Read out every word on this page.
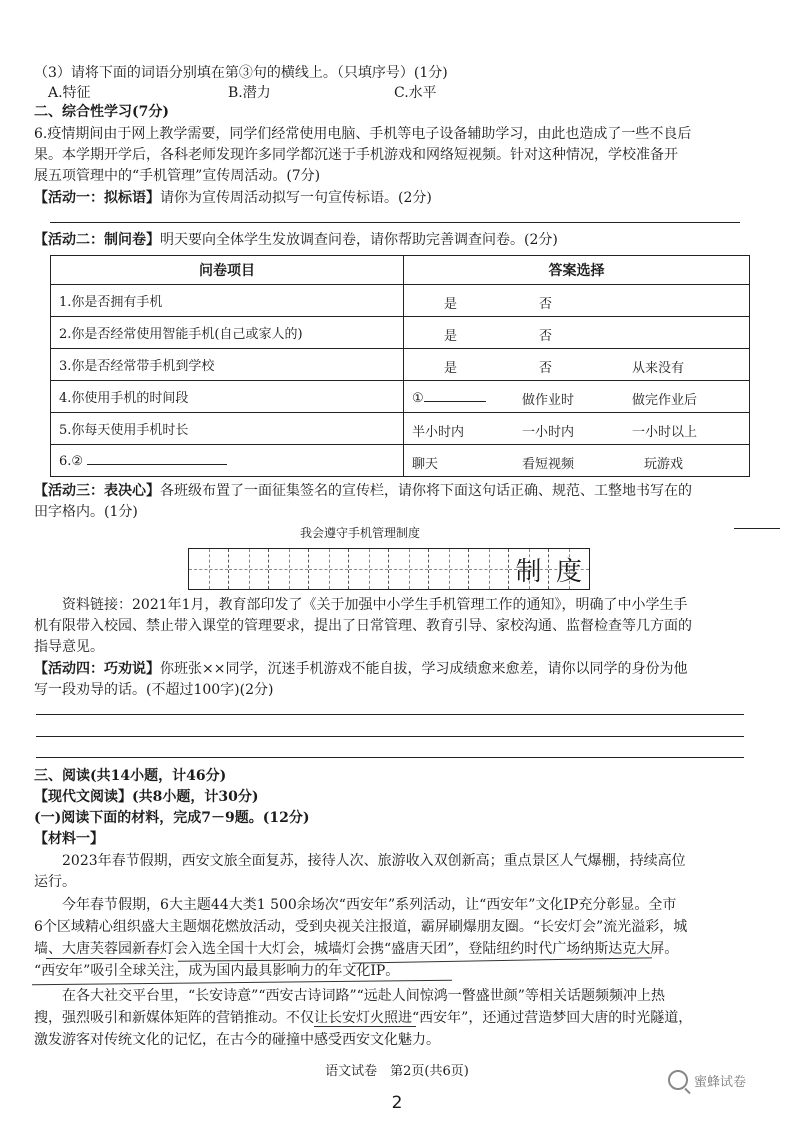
（3）请将下面的词语分别填在第③句的横线上。（只填序号）(1分)
A.特征	B.潜力	C.水平
二、综合性学习(7分)
6.疫情期间由于网上教学需要，同学们经常使用电脑、手机等电子设备辅助学习，由此也造成了一些不良后
果。本学期开学后，各科老师发现许多同学都沉迷于手机游戏和网络短视频。针对这种情况，学校准备开
展五项管理中的“手机管理”宣传周活动。(7分)
【活动一：拟标语】请你为宣传周活动拟写一句宣传标语。(2分)
【活动二：制问卷】明天要向全体学生发放调查问卷，请你帮助完善调查问卷。(2分)
问卷项目	答案选择
1.你是否拥有手机	是 否

2.你是否经常使用智能手机(自己或家人的)	是 否

3.你是否经常带手机到学校	是 否 从来没有

4.你使用手机的时间段	① 做作业时 做完作业后

5.你每天使用手机时长	半小时内 一小时内 一小时以上

6.②	聊天 看短视频 玩游戏
【活动三：表决心】各班级布置了一面征集签名的宣传栏，请你将下面这句话正确、规范、工整地书写在的
田字格内。(1分)
我会遵守手机管理制度
制 度
资料链接：2021年1月，教育部印发了《关于加强中小学生手机管理工作的通知》，明确了中小学生手
机有限带入校园、禁止带入课堂的管理要求，提出了日常管理、教育引导、家校沟通、监督检查等几方面的
指导意见。
【活动四：巧劝说】你班张××同学，沉迷手机游戏不能自拔，学习成绩愈来愈差，请你以同学的身份为他
写一段劝导的话。(不超过100字)(2分)
三、阅读(共14小题，计46分)
【现代文阅读】(共8小题，计30分)
(一)阅读下面的材料，完成7－9题。(12分)
【材料一】
2023年春节假期，西安文旅全面复苏，接待人次、旅游收入双创新高；重点景区人气爆棚，持续高位
运行。
今年春节假期，6大主题44大类1 500余场次“西安年”系列活动，让“西安年”文化IP充分彰显。全市
6个区域精心组织盛大主题烟花燃放活动，受到央视关注报道，霸屏刷爆朋友圈。“长安灯会”流光溢彩，城
墙、大唐芙蓉园新春灯会入选全国十大灯会，城墙灯会携“盛唐天团”，登陆纽约时代广场纳斯达克大屏。
“西安年”吸引全球关注，成为国内最具影响力的年文化IP。
在各大社交平台里，“长安诗意”“西安古诗词路”“远赴人间惊鸿一瞥盛世颜”等相关话题频频冲上热
搜，强烈吸引和新媒体矩阵的营销推动。不仅让长安灯火照进“西安年”，还通过营造梦回大唐的时光隧道，
激发游客对传统文化的记忆，在古今的碰撞中感受西安文化魅力。
语文试卷　第2页(共6页)
2
蜜蜂试卷
